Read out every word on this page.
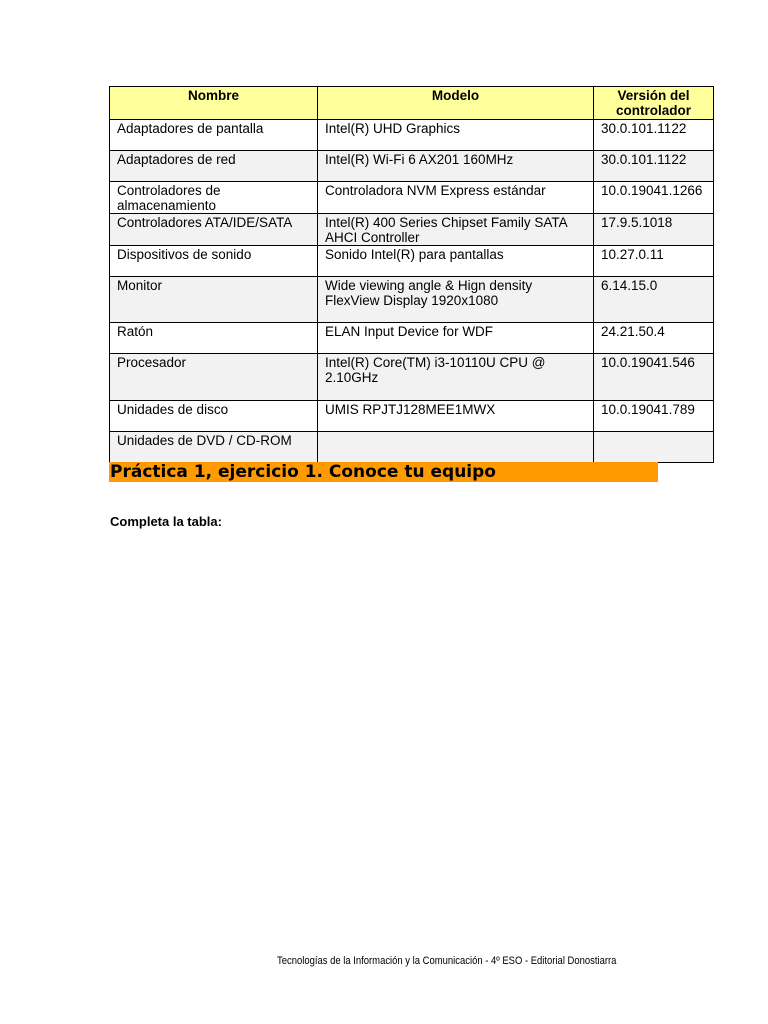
Nombre	Modelo	Versión del controlador
Adaptadores de pantalla	Intel(R) UHD Graphics	30.0.101.1122
Adaptadores de red	Intel(R) Wi-Fi 6 AX201 160MHz	30.0.101.1122
Controladores de almacenamiento	Controladora NVM Express estándar	10.0.19041.1266
Controladores ATA/IDE/SATA	Intel(R) 400 Series Chipset Family SATA AHCI Controller	17.9.5.1018
Dispositivos de sonido	Sonido Intel(R) para pantallas	10.27.0.11
Monitor	Wide viewing angle & Hign density FlexView Display 1920x1080	6.14.15.0
Ratón	ELAN Input Device for WDF	24.21.50.4
Procesador	Intel(R) Core(TM) i3-10110U CPU @ 2.10GHz	10.0.19041.546
Unidades de disco	UMIS RPJTJ128MEE1MWX	10.0.19041.789
Unidades de DVD / CD-ROM		
Práctica 1, ejercicio 1. Conoce tu equipo
Completa la tabla:
Tecnologías de la Información y la Comunicación - 4º ESO - Editorial Donostiarra
